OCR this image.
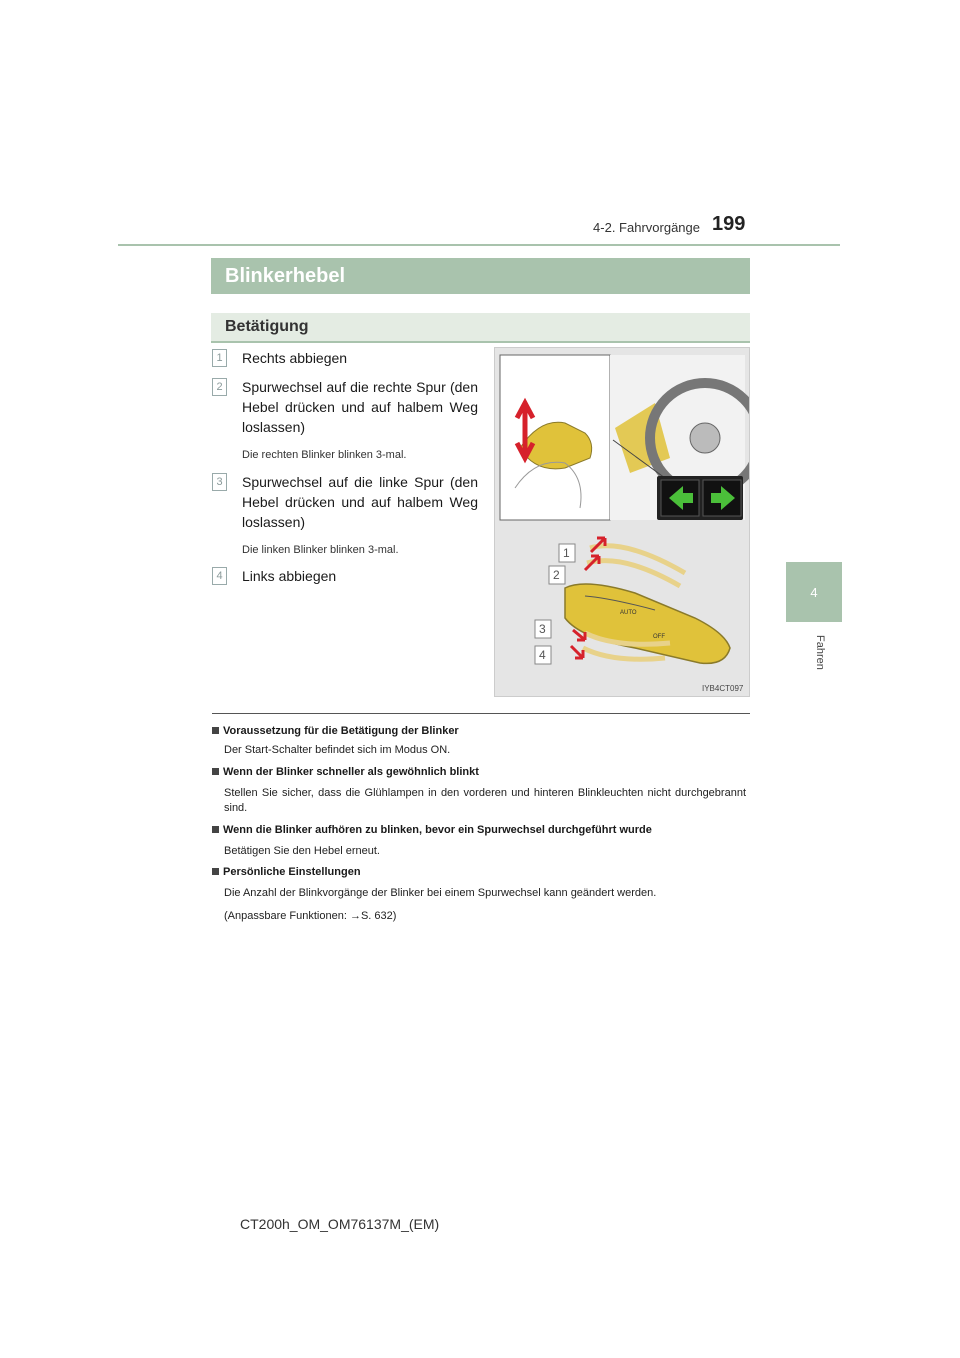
4-2. Fahrvorgänge 199
4
Fahren
Blinkerhebel
Betätigung
1	Rechts abbiegen
2	Spurwechsel auf die rechte Spur (den Hebel drücken und auf halbem Weg loslassen)
Die rechten Blinker blinken 3-mal.
3	Spurwechsel auf die linke Spur (den Hebel drücken und auf halbem Weg loslassen)
Die linken Blinker blinken 3-mal.
4	Links abbiegen
AUTO
OFF
1
2
3
4
IYB4CT097
Voraussetzung für die Betätigung der Blinker
Der Start-Schalter befindet sich im Modus ON.
Wenn der Blinker schneller als gewöhnlich blinkt
Stellen Sie sicher, dass die Glühlampen in den vorderen und hinteren Blinkleuchten nicht durchgebrannt sind.
Wenn die Blinker aufhören zu blinken, bevor ein Spurwechsel durchgeführt wurde
Betätigen Sie den Hebel erneut.
Persönliche Einstellungen
Die Anzahl der Blinkvorgänge der Blinker bei einem Spurwechsel kann geändert werden.
(Anpassbare Funktionen: →S. 632)
CT200h_OM_OM76137M_(EM)
